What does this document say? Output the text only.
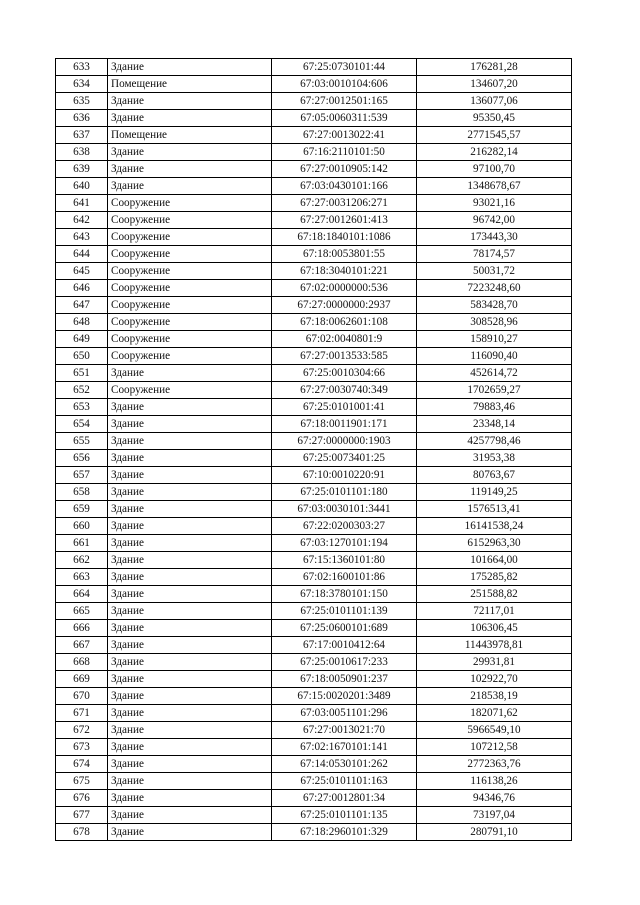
633	Здание	67:25:0730101:44	176281,28
634	Помещение	67:03:0010104:606	134607,20
635	Здание	67:27:0012501:165	136077,06
636	Здание	67:05:0060311:539	95350,45
637	Помещение	67:27:0013022:41	2771545,57
638	Здание	67:16:2110101:50	216282,14
639	Здание	67:27:0010905:142	97100,70
640	Здание	67:03:0430101:166	1348678,67
641	Сооружение	67:27:0031206:271	93021,16
642	Сооружение	67:27:0012601:413	96742,00
643	Сооружение	67:18:1840101:1086	173443,30
644	Сооружение	67:18:0053801:55	78174,57
645	Сооружение	67:18:3040101:221	50031,72
646	Сооружение	67:02:0000000:536	7223248,60
647	Сооружение	67:27:0000000:2937	583428,70
648	Сооружение	67:18:0062601:108	308528,96
649	Сооружение	67:02:0040801:9	158910,27
650	Сооружение	67:27:0013533:585	116090,40
651	Здание	67:25:0010304:66	452614,72
652	Сооружение	67:27:0030740:349	1702659,27
653	Здание	67:25:0101001:41	79883,46
654	Здание	67:18:0011901:171	23348,14
655	Здание	67:27:0000000:1903	4257798,46
656	Здание	67:25:0073401:25	31953,38
657	Здание	67:10:0010220:91	80763,67
658	Здание	67:25:0101101:180	119149,25
659	Здание	67:03:0030101:3441	1576513,41
660	Здание	67:22:0200303:27	16141538,24
661	Здание	67:03:1270101:194	6152963,30
662	Здание	67:15:1360101:80	101664,00
663	Здание	67:02:1600101:86	175285,82
664	Здание	67:18:3780101:150	251588,82
665	Здание	67:25:0101101:139	72117,01
666	Здание	67:25:0600101:689	106306,45
667	Здание	67:17:0010412:64	11443978,81
668	Здание	67:25:0010617:233	29931,81
669	Здание	67:18:0050901:237	102922,70
670	Здание	67:15:0020201:3489	218538,19
671	Здание	67:03:0051101:296	182071,62
672	Здание	67:27:0013021:70	5966549,10
673	Здание	67:02:1670101:141	107212,58
674	Здание	67:14:0530101:262	2772363,76
675	Здание	67:25:0101101:163	116138,26
676	Здание	67:27:0012801:34	94346,76
677	Здание	67:25:0101101:135	73197,04
678	Здание	67:18:2960101:329	280791,10
